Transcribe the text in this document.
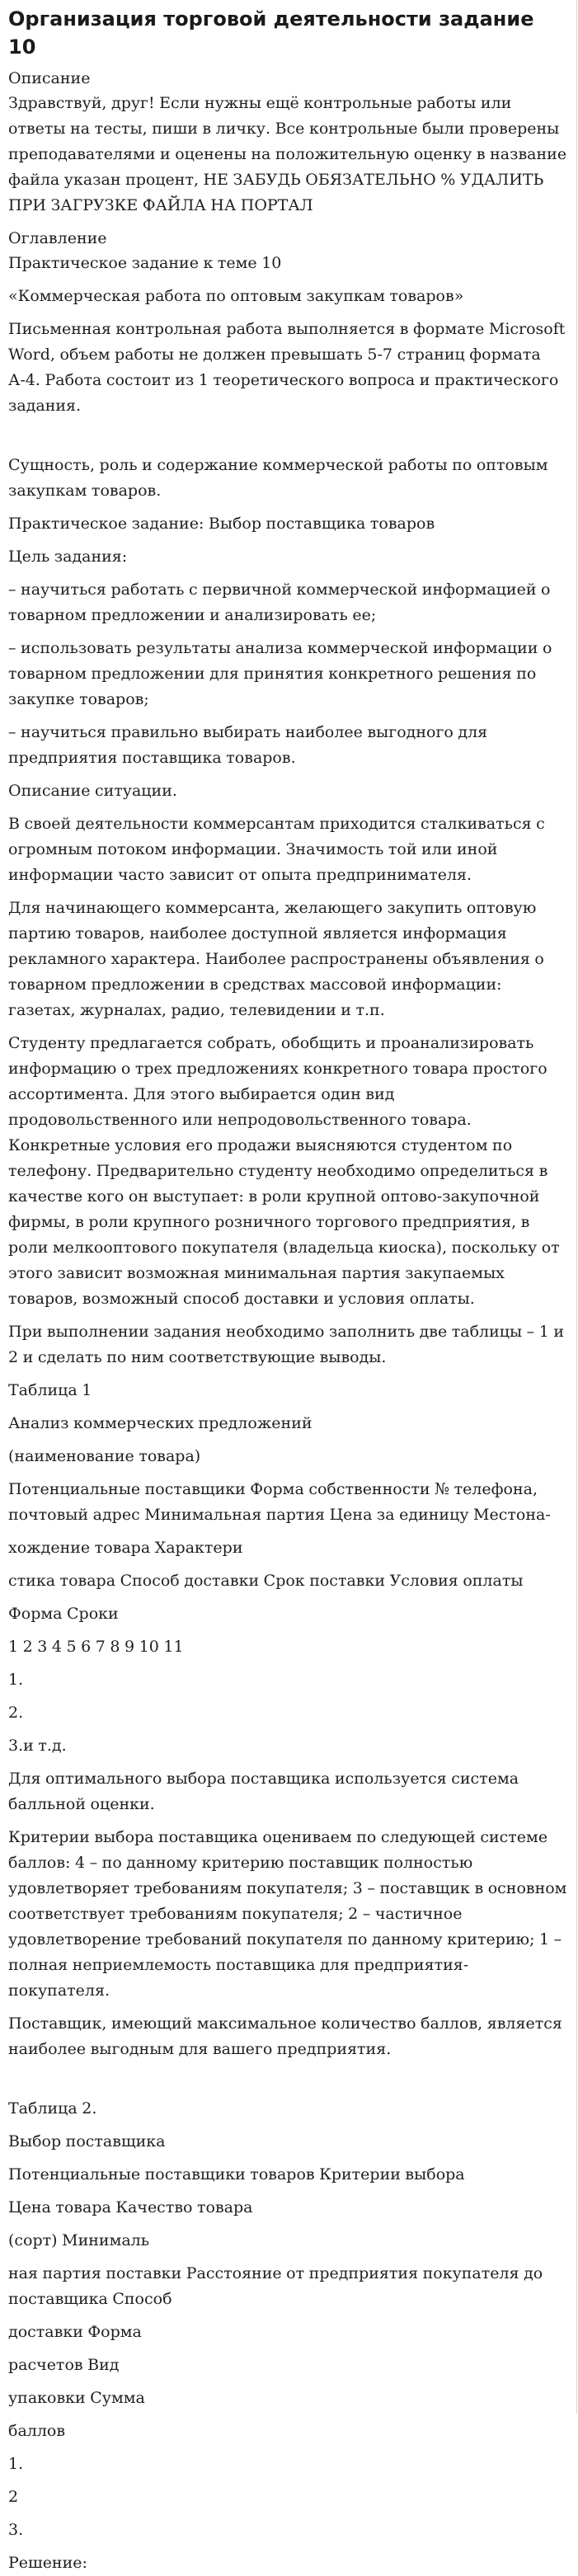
Организация торговой деятельности задание 10
Описание

Здравствуй, друг! Если нужны ещё контрольные работы или ответы на тесты, пиши в личку. Все контрольные были проверены преподавателями и оценены на положительную оценку в название файла указан процент, НЕ ЗАБУДЬ ОБЯЗАТЕЛЬНО % УДАЛИТЬ ПРИ ЗАГРУЗКЕ ФАЙЛА НА ПОРТАЛ

Оглавление

Практическое задание к теме 10

«Коммерческая работа по оптовым закупкам товаров»

Письменная контрольная работа выполняется в формате Microsoft Word, объем работы не должен превышать 5-7 страниц формата А-4. Работа состоит из 1 теоретического вопроса и практического задания.

Сущность, роль и содержание коммерческой работы по оптовым закупкам товаров.

Практическое задание: Выбор поставщика товаров

Цель задания:

– научиться работать с первичной коммерческой информацией о товарном предложении и анализировать ее;

– использовать результаты анализа коммерческой информации о товарном предложении для принятия конкретного решения по закупке товаров;

– научиться правильно выбирать наиболее выгодного для предприятия поставщика товаров.

Описание ситуации.

В своей деятельности коммерсантам приходится сталкиваться с огромным потоком информации. Значимость той или иной информации часто зависит от опыта предпринимателя.

Для начинающего коммерсанта, желающего закупить оптовую партию товаров, наиболее доступной является информация рекламного характера. Наиболее распространены объявления о товарном предложении в средствах массовой информации: газетах, журналах, радио, телевидении и т.п.

Студенту предлагается собрать, обобщить и проанализировать информацию о трех предложениях конкретного товара простого ассортимента. Для этого выбирается один вид продовольственного или непродовольственного товара. Конкретные условия его продажи выясняются студентом по телефону. Предварительно студенту необходимо определиться в качестве кого он выступает: в роли крупной оптово-закупочной фирмы, в роли крупного розничного торгового предприятия, в роли мелкооптового покупателя (владельца киоска), поскольку от этого зависит возможная минимальная партия закупаемых товаров, возможный способ доставки и условия оплаты.

При выполнении задания необходимо заполнить две таблицы – 1 и 2 и сделать по ним соответствующие выводы.

Таблица 1

Анализ коммерческих предложений

(наименование товара)

Потенциальные поставщики Форма собственности № телефона, почтовый адрес Минимальная партия Цена за единицу Местона-

хождение товара Характери

стика товара Способ доставки Срок поставки Условия оплаты

Форма Сроки

1 2 3 4 5 6 7 8 9 10 11

1.

2.

3.и т.д.

Для оптимального выбора поставщика используется система балльной оценки.

Критерии выбора поставщика оцениваем по следующей системе баллов: 4 – по данному критерию поставщик полностью удовлетворяет требованиям покупателя; 3 – поставщик в основном соответствует требованиям покупателя; 2 – частичное удовлетворение требований покупателя по данному критерию; 1 – полная неприемлемость поставщика для предприятия-покупателя.

Поставщик, имеющий максимальное количество баллов, является наиболее выгодным для вашего предприятия.

Таблица 2.

Выбор поставщика

Потенциальные поставщики товаров Критерии выбора

Цена товара Качество товара

(сорт) Минималь

ная партия поставки Расстояние от предприятия покупателя до поставщика Способ

доставки Форма

расчетов Вид

упаковки Сумма

баллов

1.

2

3.

Решение:
